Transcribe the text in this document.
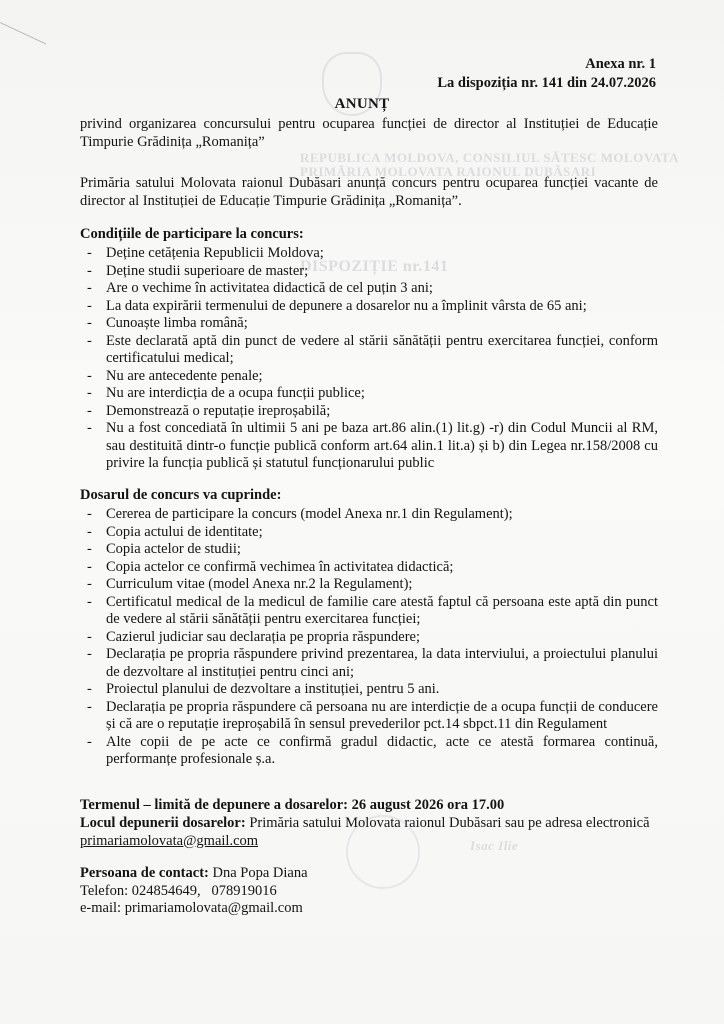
REPUBLICA MOLDOVA, CONSILIUL SĂTESC MOLOVATA
PRIMĂRIA MOLOVATA RAIONUL DUBĂSARI
DISPOZIȚIE nr.141
Isac Ilie
Anexa nr. 1
La dispoziția nr. 141 din 24.07.2026
ANUNȚ
privind organizarea concursului pentru ocuparea funcției de director al Instituției de Educație Timpurie Grădinița „Romanița”
Primăria satului Molovata raionul Dubăsari anunță concurs pentru ocuparea funcției vacante de director al Instituției de Educație Timpurie Grădinița „Romanița”.
Condițiile de participare la concurs:
- Deține cetățenia Republicii Moldova;
- Deține studii superioare de master;
- Are o vechime în activitatea didactică de cel puțin 3 ani;
- La data expirării termenului de depunere a dosarelor nu a împlinit vârsta de 65 ani;
- Cunoaște limba română;
- Este declarată aptă din punct de vedere al stării sănătății pentru exercitarea funcției, conform certificatului medical;
- Nu are antecedente penale;
- Nu are interdicția de a ocupa funcții publice;
- Demonstrează o reputație ireproșabilă;
- Nu a fost concediată în ultimii 5 ani pe baza art.86 alin.(1) lit.g) -r) din Codul Muncii al RM, sau destituită dintr-o funcție publică conform art.64 alin.1 lit.a) și b) din Legea nr.158/2008 cu privire la funcția publică și statutul funcționarului public
Dosarul de concurs va cuprinde:
- Cererea de participare la concurs (model Anexa nr.1 din Regulament);
- Copia actului de identitate;
- Copia actelor de studii;
- Copia actelor ce confirmă vechimea în activitatea didactică;
- Curriculum vitae (model Anexa nr.2 la Regulament);
- Certificatul medical de la medicul de familie care atestă faptul că persoana este aptă din punct de vedere al stării sănătății pentru exercitarea funcției;
- Cazierul judiciar sau declarația pe propria răspundere;
- Declarația pe propria răspundere privind prezentarea, la data interviului, a proiectului planului de dezvoltare al instituției pentru cinci ani;
- Proiectul planului de dezvoltare a instituției, pentru 5 ani.
- Declarația pe propria răspundere că persoana nu are interdicție de a ocupa funcții de conducere și că are o reputație ireproșabilă în sensul prevederilor pct.14 sbpct.11 din Regulament
- Alte copii de pe acte ce confirmă gradul didactic, acte ce atestă formarea continuă, performanțe profesionale ș.a.
Termenul – limită de depunere a dosarelor: 26 august 2026 ora 17.00
Locul depunerii dosarelor: Primăria satului Molovata raionul Dubăsari sau pe adresa electronică
primariamolovata@gmail.com
Persoana de contact: Dna Popa Diana
Telefon: 024854649,   078919016
e-mail: primariamolovata@gmail.com
